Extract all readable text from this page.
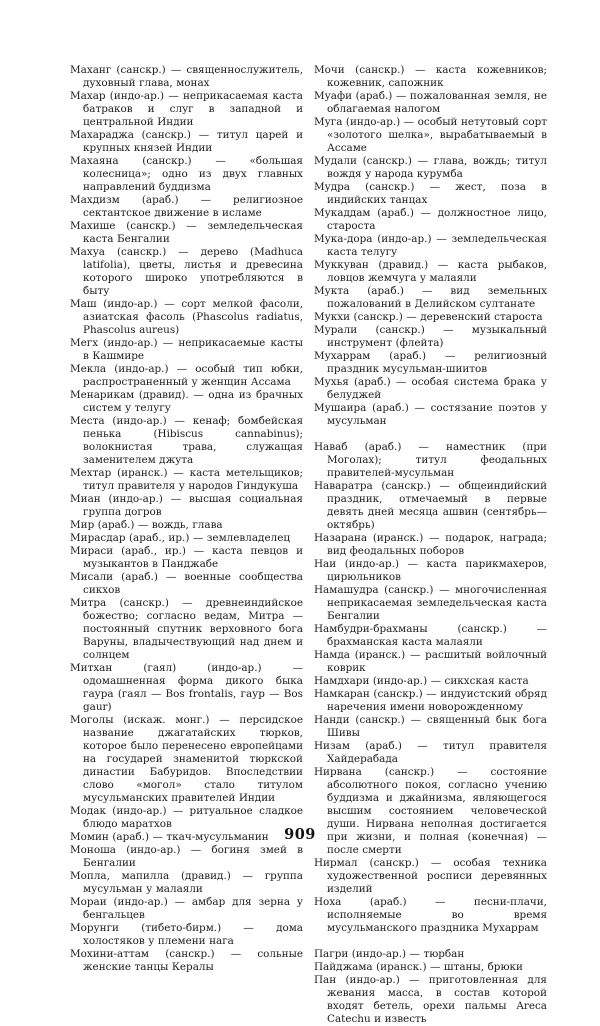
Маханг (санскр.) — священнослужитель, духовный глава, монах

Махар (индо-ар.) — неприкасаемая каста батраков и слуг в западной и центральной Индии

Махараджа (санскр.) — титул царей и крупных князей Индии

Махаяна (санскр.) — «большая колесница»; одно из двух главных направлений буддизма

Махдизм (араб.) — религиозное сектантское движение в исламе

Махише (санскр.) — земледельческая каста Бенгалии

Махуа (санскр.) — дерево (Madhuca latifolia), цветы, листья и древесина которого широко употребляются в быту

Маш (индо-ар.) — сорт мелкой фасоли, азиатская фасоль (Phascolus radiatus, Phascolus aureus)

Мегх (индо-ар.) — неприкасаемые касты в Кашмире

Мекла (индо-ар.) — особый тип юбки, распространенный у женщин Ассама

Менарикам (дравид). — одна из брачных систем у телугу

Места (индо-ар.) — кенаф; бомбейская пенька (Hibiscus cannabinus); волокнистая трава, служащая заменителем джута

Мехтар (иранск.) — каста метельщиков; титул правителя у народов Гиндукуша

Миан (индо-ар.) — высшая социальная группа догров

Мир (араб.) — вождь, глава

Мирасдар (араб., ир.) — землевладелец

Мираси (араб., ир.) — каста певцов и музыкантов в Панджабе

Мисали (араб.) — военные сообщества сикхов

Митра (санскр.) — древнеиндийское божество; согласно ведам, Митра — постоянный спутник верховного бога Варуны, владычествующий над днем и солнцем

Митхан (гаял) (индо-ар.) — одомашненная форма дикого быка гаура (гаял — Bos frontalis, гаур — Bos gaur)

Моголы (искаж. монг.) — персидское название джагатайских тюрков, которое было перенесено европейцами на государей знаменитой тюркской династии Бабуридов. Впоследствии слово «могол» стало титулом мусульманских правителей Индии

Модак (индо-ар.) — ритуальное сладкое блюдо маратхов

Момин (араб.) — ткач-мусульманин

Моноша (индо-ар.) — богиня змей в Бенгалии

Мопла, мапилла (дравид.) — группа мусульман у малаяли

Мораи (индо-ар.) — амбар для зерна у бенгальцев

Морунги (тибето-бирм.) — дома холостяков у племени нага

Мохини-аттам (санскр.) — сольные женские танцы Кералы

Мочи (санскр.) — каста кожевников; кожевник, сапожник

Муафи (араб.) — пожалованная земля, не облагаемая налогом

Муга (индо-ар.) — особый нетутовый сорт «золотого шелка», вырабатываемый в Ассаме

Мудали (санскр.) — глава, вождь; титул вождя у народа курумба

Мудра (санскр.) — жест, поза в индийских танцах

Мукаддам (араб.) — должностное лицо, староста

Мука-дора (индо-ар.) — земледельческая каста телугу

Муккуван (дравид.) — каста рыбаков, ловцов жемчуга у малаяли

Мукта (араб.) — вид земельных пожалований в Делийском султанате

Мукхи (санскр.) — деревенский староста

Мурали (санскр.) — музыкальный инструмент (флейта)

Мухаррам (араб.) — религиозный праздник мусульман-шиитов

Мухья (араб.) — особая система брака у белуджей

Мушаира (араб.) — состязание поэтов у мусульман

Наваб (араб.) — наместник (при Моголах); титул феодальных правителей-мусульман

Наваратра (санскр.) — общеиндийский праздник, отмечаемый в первые девять дней месяца ашвин (сентябрь—октябрь)

Назарана (иранск.) — подарок, награда; вид феодальных поборов

Наи (индо-ар.) — каста парикмахеров, цирюльников

Намашудра (санскр.) — многочисленная неприкасаемая земледельческая каста Бенгалии

Намбудри-брахманы (санскр.) — брахманская каста малаяли

Намда (иранск.) — расшитый войлочный коврик

Намдхари (индо-ар.) — сикхская каста

Намкаран (санскр.) — индуистский обряд наречения имени новорожденному

Нанди (санскр.) — священный бык бога Шивы

Низам (араб.) — титул правителя Хайдерабада

Нирвана (санскр.) — состояние абсолютного покоя, согласно учению буддизма и джайнизма, являющегося высшим состоянием человеческой души. Нирвана неполная достигается при жизни, и полная (конечная) — после смерти

Нирмал (санскр.) — особая техника художественной росписи деревянных изделий

Ноха (араб.) — песни-плачи, исполняемые во время мусульманского праздника Мухаррам

Пагри (индо-ар.) — тюрбан

Пайджама (иранск.) — штаны, брюки

Пан (индо-ар.) — приготовленная для жевания масса, в состав которой входят бетель, орехи пальмы Areca Catechu и известь

909
